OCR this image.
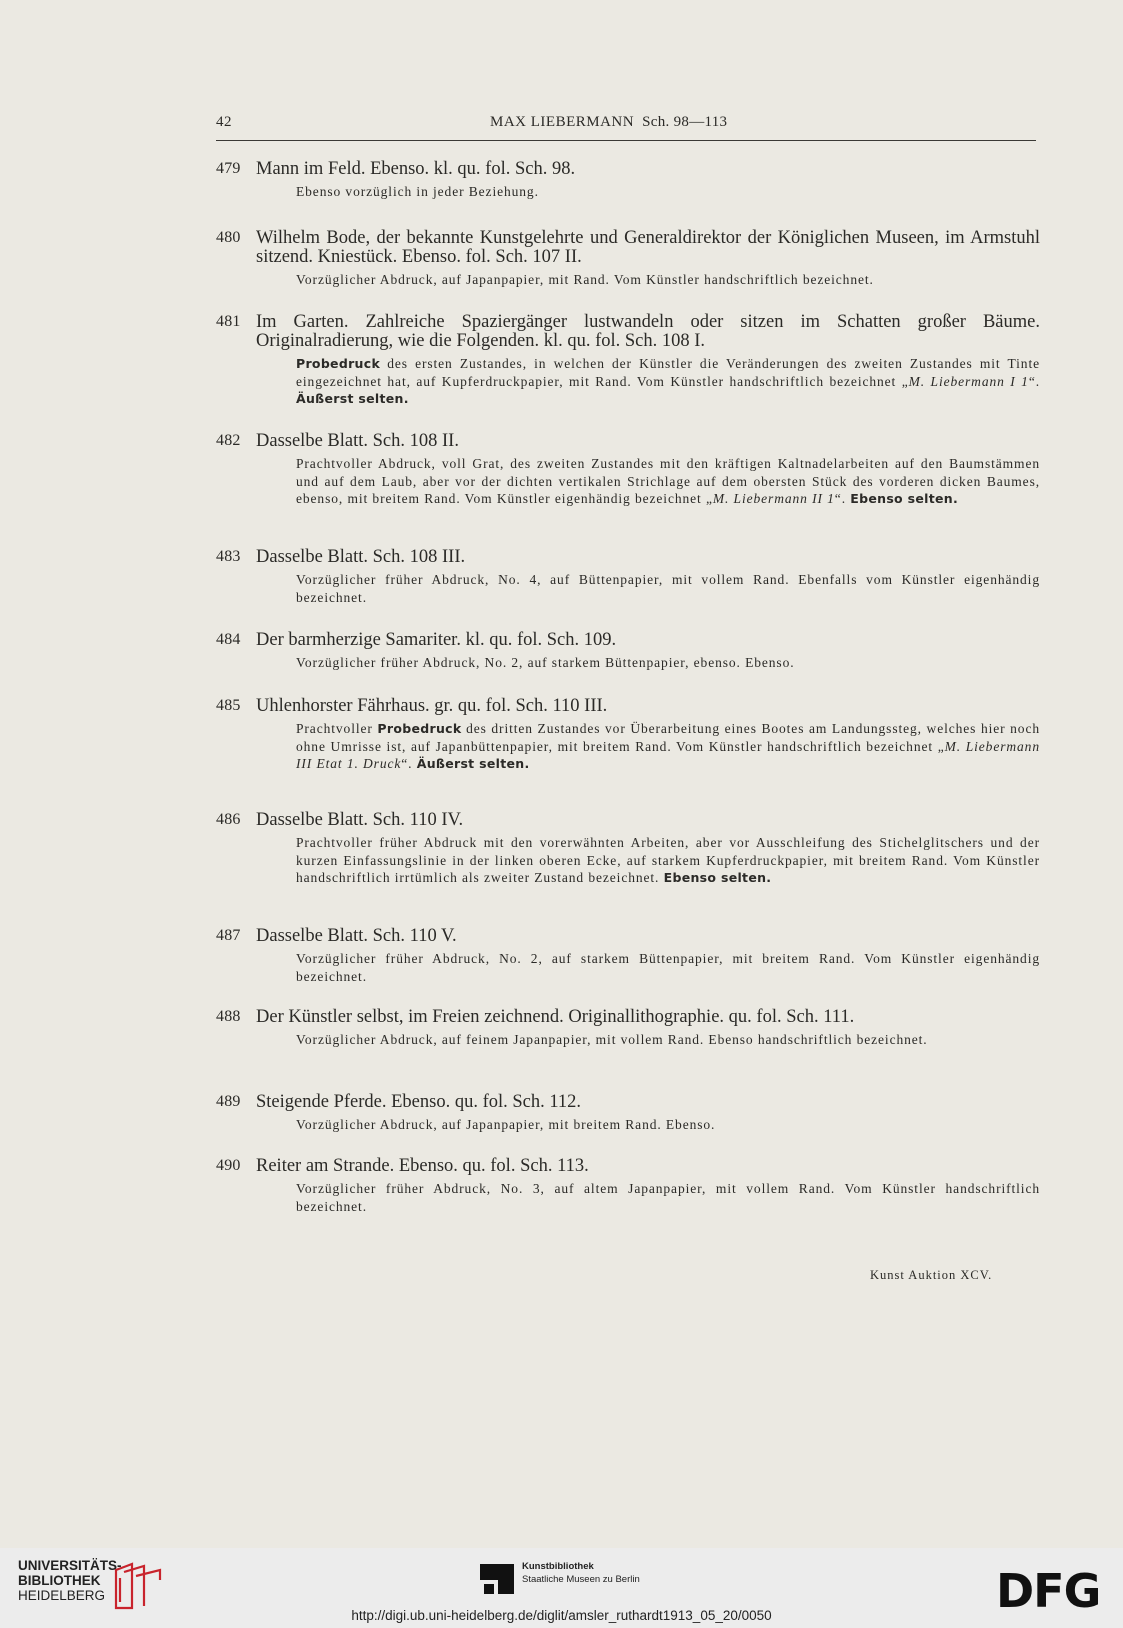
42	MAX LIEBERMANN Sch. 98—113
479 Mann im Feld. Ebenso. kl. qu. fol. Sch. 98.
Ebenso vorzüglich in jeder Beziehung.
480 Wilhelm Bode, der bekannte Kunstgelehrte und Generaldirektor der Königlichen Museen, im Armstuhl sitzend. Kniestück. Ebenso. fol. Sch. 107 II.
Vorzüglicher Abdruck, auf Japanpapier, mit Rand. Vom Künstler handschriftlich bezeichnet.
481 Im Garten. Zahlreiche Spaziergänger lustwandeln oder sitzen im Schatten großer Bäume. Originalradierung, wie die Folgenden. kl. qu. fol. Sch. 108 I.
Probedruck des ersten Zustandes, in welchen der Künstler die Veränderungen des zweiten Zustandes mit Tinte eingezeichnet hat, auf Kupferdruckpapier, mit Rand. Vom Künstler handschriftlich bezeichnet „M. Liebermann I 1“. Äußerst selten.
482 Dasselbe Blatt. Sch. 108 II.
Prachtvoller Abdruck, voll Grat, des zweiten Zustandes mit den kräftigen Kaltnadelarbeiten auf den Baumstämmen und auf dem Laub, aber vor der dichten vertikalen Strichlage auf dem obersten Stück des vorderen dicken Baumes, ebenso, mit breitem Rand. Vom Künstler eigenhändig bezeichnet „M. Liebermann II 1“. Ebenso selten.
483 Dasselbe Blatt. Sch. 108 III.
Vorzüglicher früher Abdruck, No. 4, auf Büttenpapier, mit vollem Rand. Ebenfalls vom Künstler eigenhändig bezeichnet.
484 Der barmherzige Samariter. kl. qu. fol. Sch. 109.
Vorzüglicher früher Abdruck, No. 2, auf starkem Büttenpapier, ebenso. Ebenso.
485 Uhlenhorster Fährhaus. gr. qu. fol. Sch. 110 III.
Prachtvoller Probedruck des dritten Zustandes vor Überarbeitung eines Bootes am Landungssteg, welches hier noch ohne Umrisse ist, auf Japanbüttenpapier, mit breitem Rand. Vom Künstler handschriftlich bezeichnet „M. Liebermann III Etat 1. Druck“. Äußerst selten.
486 Dasselbe Blatt. Sch. 110 IV.
Prachtvoller früher Abdruck mit den vorerwähnten Arbeiten, aber vor Ausschleifung des Stichelglitschers und der kurzen Einfassungslinie in der linken oberen Ecke, auf starkem Kupferdruckpapier, mit breitem Rand. Vom Künstler handschriftlich irrtümlich als zweiter Zustand bezeichnet. Ebenso selten.
487 Dasselbe Blatt. Sch. 110 V.
Vorzüglicher früher Abdruck, No. 2, auf starkem Büttenpapier, mit breitem Rand. Vom Künstler eigenhändig bezeichnet.
488 Der Künstler selbst, im Freien zeichnend. Originallithographie. qu. fol. Sch. 111.
Vorzüglicher Abdruck, auf feinem Japanpapier, mit vollem Rand. Ebenso handschriftlich bezeichnet.
489 Steigende Pferde. Ebenso. qu. fol. Sch. 112.
Vorzüglicher Abdruck, auf Japanpapier, mit breitem Rand. Ebenso.
490 Reiter am Strande. Ebenso. qu. fol. Sch. 113.
Vorzüglicher früher Abdruck, No. 3, auf altem Japanpapier, mit vollem Rand. Vom Künstler handschriftlich bezeichnet.
Kunst Auktion XCV.
UNIVERSITÄTS-
BIBLIOTHEK
HEIDELBERG
Kunstbibliothek
Staatliche Museen zu Berlin	DFG
http://digi.ub.uni-heidelberg.de/diglit/amsler_ruthardt1913_05_20/0050
